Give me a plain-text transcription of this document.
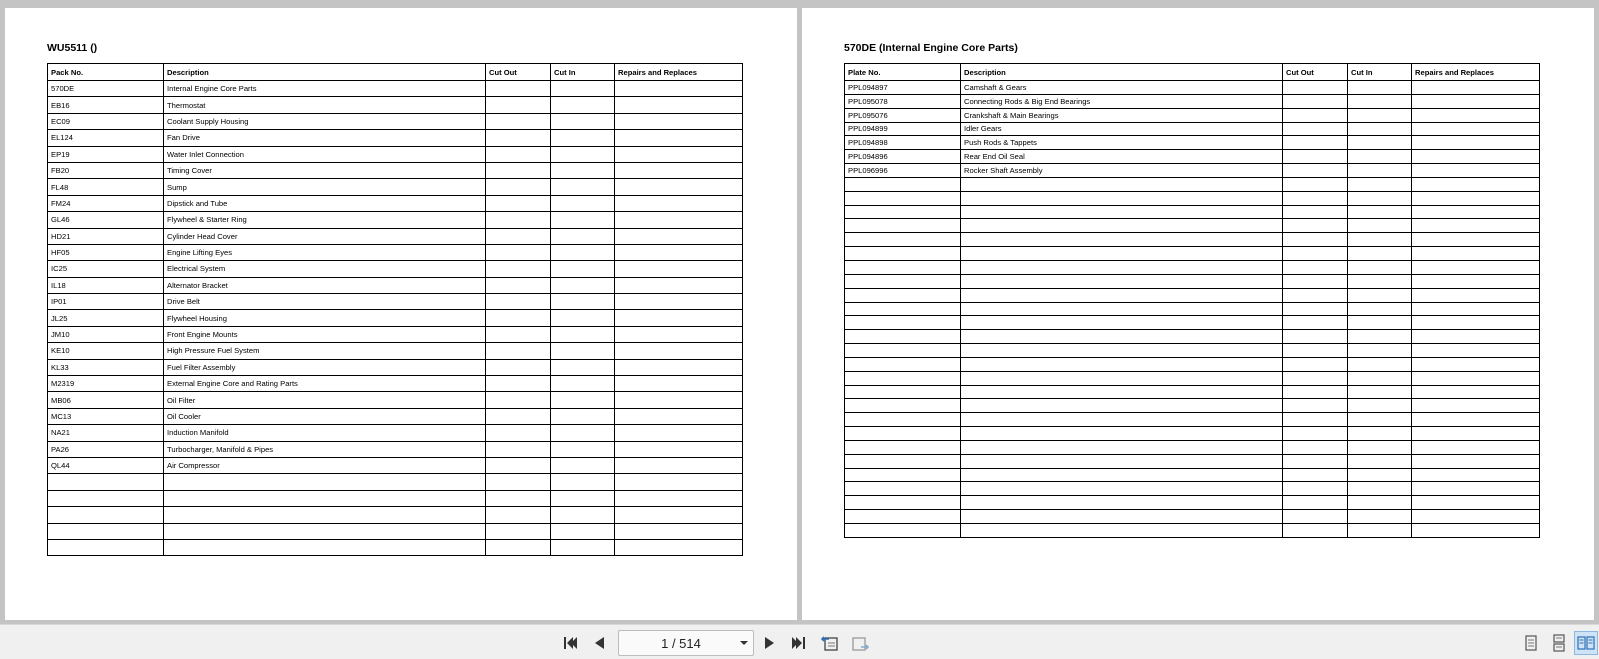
WU5511 ()
Pack No.	Description	Cut Out	Cut In	Repairs and Replaces
570DE	Internal Engine Core Parts			
EB16	Thermostat			
EC09	Coolant Supply Housing			
EL124	Fan Drive			
EP19	Water Inlet Connection			
FB20	Timing Cover			
FL48	Sump			
FM24	Dipstick and Tube			
GL46	Flywheel & Starter Ring			
HD21	Cylinder Head Cover			
HF05	Engine Lifting Eyes			
IC25	Electrical System			
IL18	Alternator Bracket			
IP01	Drive Belt			
JL25	Flywheel Housing			
JM10	Front Engine Mounts			
KE10	High Pressure Fuel System			
KL33	Fuel Filter Assembly			
M2319	External Engine Core and Rating Parts			
MB06	Oil Filter			
MC13	Oil Cooler			
NA21	Induction Manifold			
PA26	Turbocharger, Manifold & Pipes			
QL44	Air Compressor			

570DE (Internal Engine Core Parts)
Plate No.	Description	Cut Out	Cut In	Repairs and Replaces
PPL094897	Camshaft & Gears			
PPL095078	Connecting Rods & Big End Bearings			
PPL095076	Crankshaft & Main Bearings			
PPL094899	Idler Gears			
PPL094898	Push Rods & Tappets			
PPL094896	Rear End Oil Seal			
PPL096996	Rocker Shaft Assembly			

1 / 514
